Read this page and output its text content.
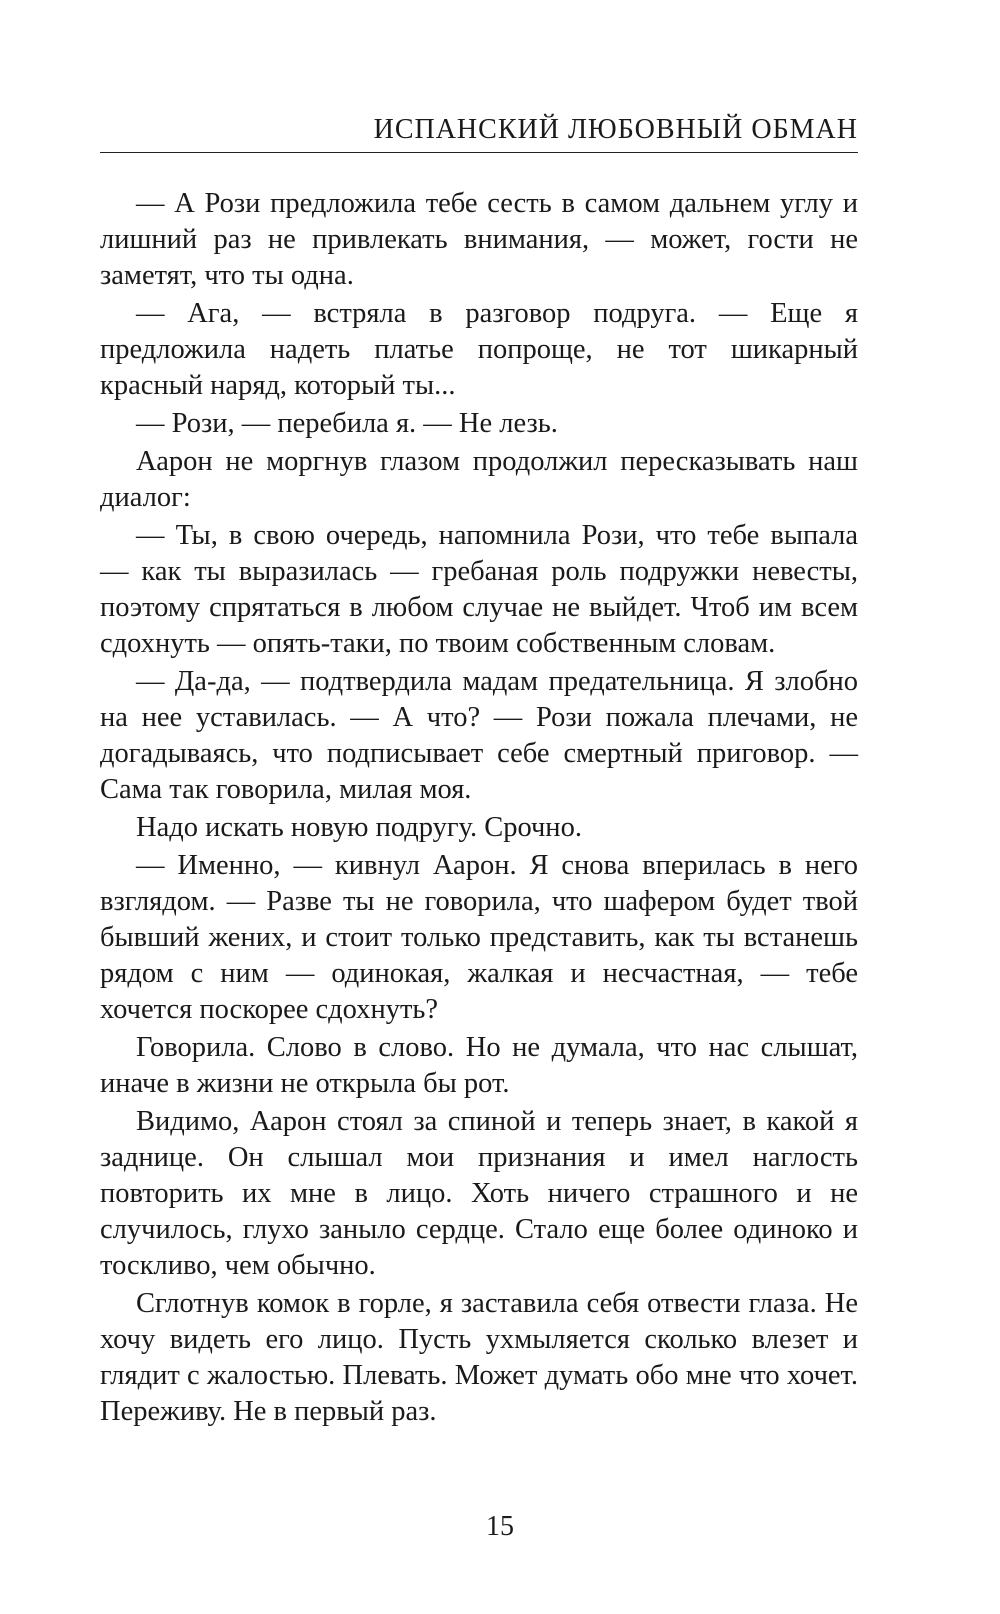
ИСПАНСКИЙ ЛЮБОВНЫЙ ОБМАН

— А Рози предложила тебе сесть в самом дальнем углу и лишний раз не привлекать внимания, — может, гости не заметят, что ты одна.

— Ага, — встряла в разговор подруга. — Еще я предложила надеть платье попроще, не тот шикарный красный наряд, который ты...

— Рози, — перебила я. — Не лезь.

Аарон не моргнув глазом продолжил пересказывать наш диалог:

— Ты, в свою очередь, напомнила Рози, что тебе выпала — как ты выразилась — гребаная роль подружки невесты, поэтому спрятаться в любом случае не выйдет. Чтоб им всем сдохнуть — опять-таки, по твоим собственным словам.

— Да-да, — подтвердила мадам предательница. Я злобно на нее уставилась. — А что? — Рози пожала плечами, не догадываясь, что подписывает себе смертный приговор. — Сама так говорила, милая моя.

Надо искать новую подругу. Срочно.

— Именно, — кивнул Аарон. Я снова вперилась в него взглядом. — Разве ты не говорила, что шафером будет твой бывший жених, и стоит только представить, как ты встанешь рядом с ним — одинокая, жалкая и несчастная, — тебе хочется поскорее сдохнуть?

Говорила. Слово в слово. Но не думала, что нас слышат, иначе в жизни не открыла бы рот.

Видимо, Аарон стоял за спиной и теперь знает, в какой я заднице. Он слышал мои признания и имел наглость повторить их мне в лицо. Хоть ничего страшного и не случилось, глухо заныло сердце. Стало еще более одиноко и тоскливо, чем обычно.

Сглотнув комок в горле, я заставила себя отвести глаза. Не хочу видеть его лицо. Пусть ухмыляется сколько влезет и глядит с жалостью. Плевать. Может думать обо мне что хочет. Переживу. Не в первый раз.

15
